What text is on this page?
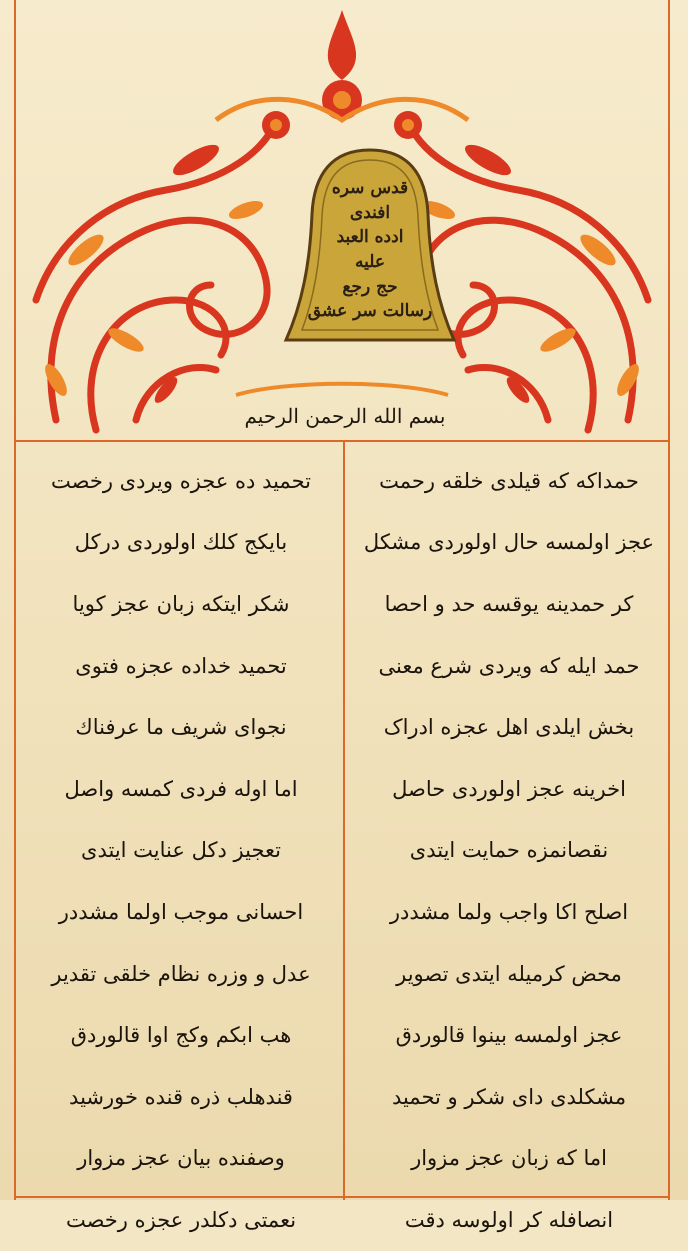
قدس سره
افندی
ادده العبد
علیه
حج رجع
رسالت سر عشق
بسم الله الرحمن الرحيم
حمداکه که قیلدی خلقه رحمت
عجز اولمسه حال اولوردی مشکل
کر حمدینه یوقسه حد و احصا
حمد ایله که ویردی شرع معنی
بخش ایلدی اهل عجزه ادراک
اخرینه عجز اولوردی حاصل
نقصانمزه حمایت ایتدی
اصلح اکا واجب ولما مشددر
محض کرمیله ایتدی تصویر
عجز اولمسه بینوا قالوردق
مشکلدی دای شکر و تحمید
اما که زبان عجز مزوار
انصافله کر اولوسه دقت
تحمید ده عجزه ویردی رخصت
بایکج کلك اولوردی درکل
شکر ایتکه زبان عجز کویا
تحمید خداده عجزه فتوی
نجوای شریف ما عرفناك
اما اوله فردی کمسه واصل
تعجیز دکل عنایت ایتدی
احسانی موجب اولما مشددر
عدل و وزره نظام خلقی تقدیر
هب ابکم وکج اوا قالوردق
قندهلب ذره قنده خورشید
وصفنده بیان عجز مزوار
نعمتی دکلدر عجزه رخصت
